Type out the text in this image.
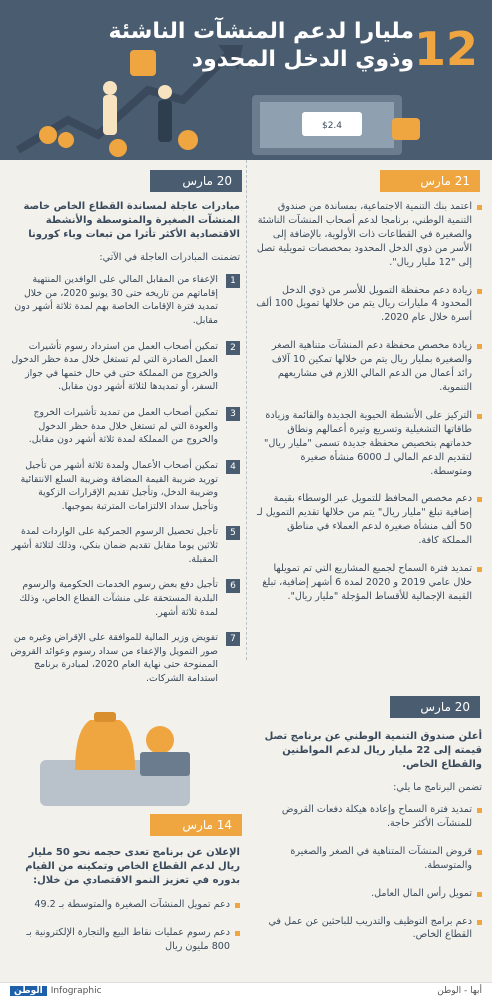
$2.4
12
مليارا لدعم المنشآت الناشئة
وذوي الدخل المحدود
21 مارس
20 مارس
اعتمد بنك التنمية الاجتماعية، بمساندة من صندوق التنمية الوطني، برنامجا لدعم أصحاب المنشآت الناشئة والصغيرة في القطاعات ذات الأولوية، بالإضافة إلى الأسر من ذوي الدخل المحدود بمخصصات تمويلية تصل إلى "12 مليار ريال".
زيادة دعم محفظة التمويل للأسر من ذوي الدخل المحدود 4 مليارات ريال يتم من خلالها تمويل 100 ألف أسرة خلال عام 2020.
زيادة مخصص محفظة دعم المنشآت متناهية الصغر والصغيرة بمليار ريال يتم من خلالها تمكين 10 آلاف رائد أعمال من الدعم المالي اللازم في مشاريعهم التنموية.
التركيز على الأنشطة الحيوية الجديدة والقائمة وزيادة طاقاتها التشغيلية وتسريع وتيرة أعمالهم ونطاق خدماتهم بتخصيص محفظة جديدة تسمى "مليار ريال" لتقديم الدعم المالي لـ 6000 منشأة صغيرة ومتوسطة.
دعم مخصص المحافظ للتمويل عبر الوسطاء بقيمة إضافية تبلغ "مليار ريال" يتم من خلالها تقديم التمويل لـ 50 ألف منشأة صغيرة لدعم العملاء في مناطق المملكة كافة.
تمديد فترة السماح لجميع المشاريع التي تم تمويلها خلال عامي 2019 و 2020 لمدة 6 أشهر إضافية، تبلغ القيمة الإجمالية للأقساط المؤجلة "مليار ريال".
مبادرات عاجلة لمساندة القطاع الخاص خاصة المنشآت الصغيرة والمتوسطة والأنشطة الاقتصادية الأكثر تأثرا من تبعات وباء كورونا
تضمنت المبادرات العاجلة في الآتي:
1
الإعفاء من المقابل المالي على الوافدين المنتهية إقاماتهم من تاريخه حتى 30 يونيو 2020، من خلال تمديد فترة الإقامات الخاصة بهم لمدة ثلاثة أشهر دون مقابل.
2
تمكين أصحاب العمل من استرداد رسوم تأشيرات العمل الصادرة التي لم تستغل خلال مدة حظر الدخول والخروج من المملكة حتى في حال ختمها في جواز السفر، أو تمديدها لثلاثة أشهر دون مقابل.
3
تمكين أصحاب العمل من تمديد تأشيرات الخروج والعودة التي لم تستغل خلال مدة حظر الدخول والخروج من المملكة لمدة ثلاثة أشهر دون مقابل.
4
تمكين أصحاب الأعمال ولمدة ثلاثة أشهر من تأجيل توريد ضريبة القيمة المضافة وضريبة السلع الانتقائية وضريبة الدخل، وتأجيل تقديم الإقرارات الزكوية وتأجيل سداد الالتزامات المترتبة بموجبها.
5
تأجيل تحصيل الرسوم الجمركية على الواردات لمدة ثلاثين يوما مقابل تقديم ضمان بنكي، وذلك لثلاثة أشهر المقبلة.
6
تأجيل دفع بعض رسوم الخدمات الحكومية والرسوم البلدية المستحقة على منشآت القطاع الخاص، وذلك لمدة ثلاثة أشهر.
7
تفويض وزير المالية للموافقة على الإقراض وغيره من صور التمويل والإعفاء من سداد رسوم وعوائد القروض الممنوحة حتى نهاية العام 2020، لمبادرة برنامج استدامة الشركات.
20 مارس
أعلن صندوق التنمية الوطني عن برنامج تصل قيمته إلى 22 مليار ريال لدعم المواطنين والقطاع الخاص.
تضمن البرنامج ما يلي:
تمديد فترة السماح وإعادة هيكلة دفعات القروض للمنشآت الأكثر حاجة.
قروض المنشآت المتناهية في الصغر والصغيرة والمتوسطة.
تمويل رأس المال العامل.
دعم برامج التوظيف والتدريب للباحثين عن عمل في القطاع الخاص.
14 مارس
الإعلان عن برنامج تعدى حجمه نحو 50 مليار ريال لدعم القطاع الخاص وتمكينه من القيام بدوره في تعزيز النمو الاقتصادي من خلال:
دعم تمويل المنشآت الصغيرة والمتوسطة بـ 49.2
دعم رسوم عمليات نقاط البيع والتجارة الإلكترونية بـ 800 مليون ريال
الوطن Infographic	أبها - الوطن
